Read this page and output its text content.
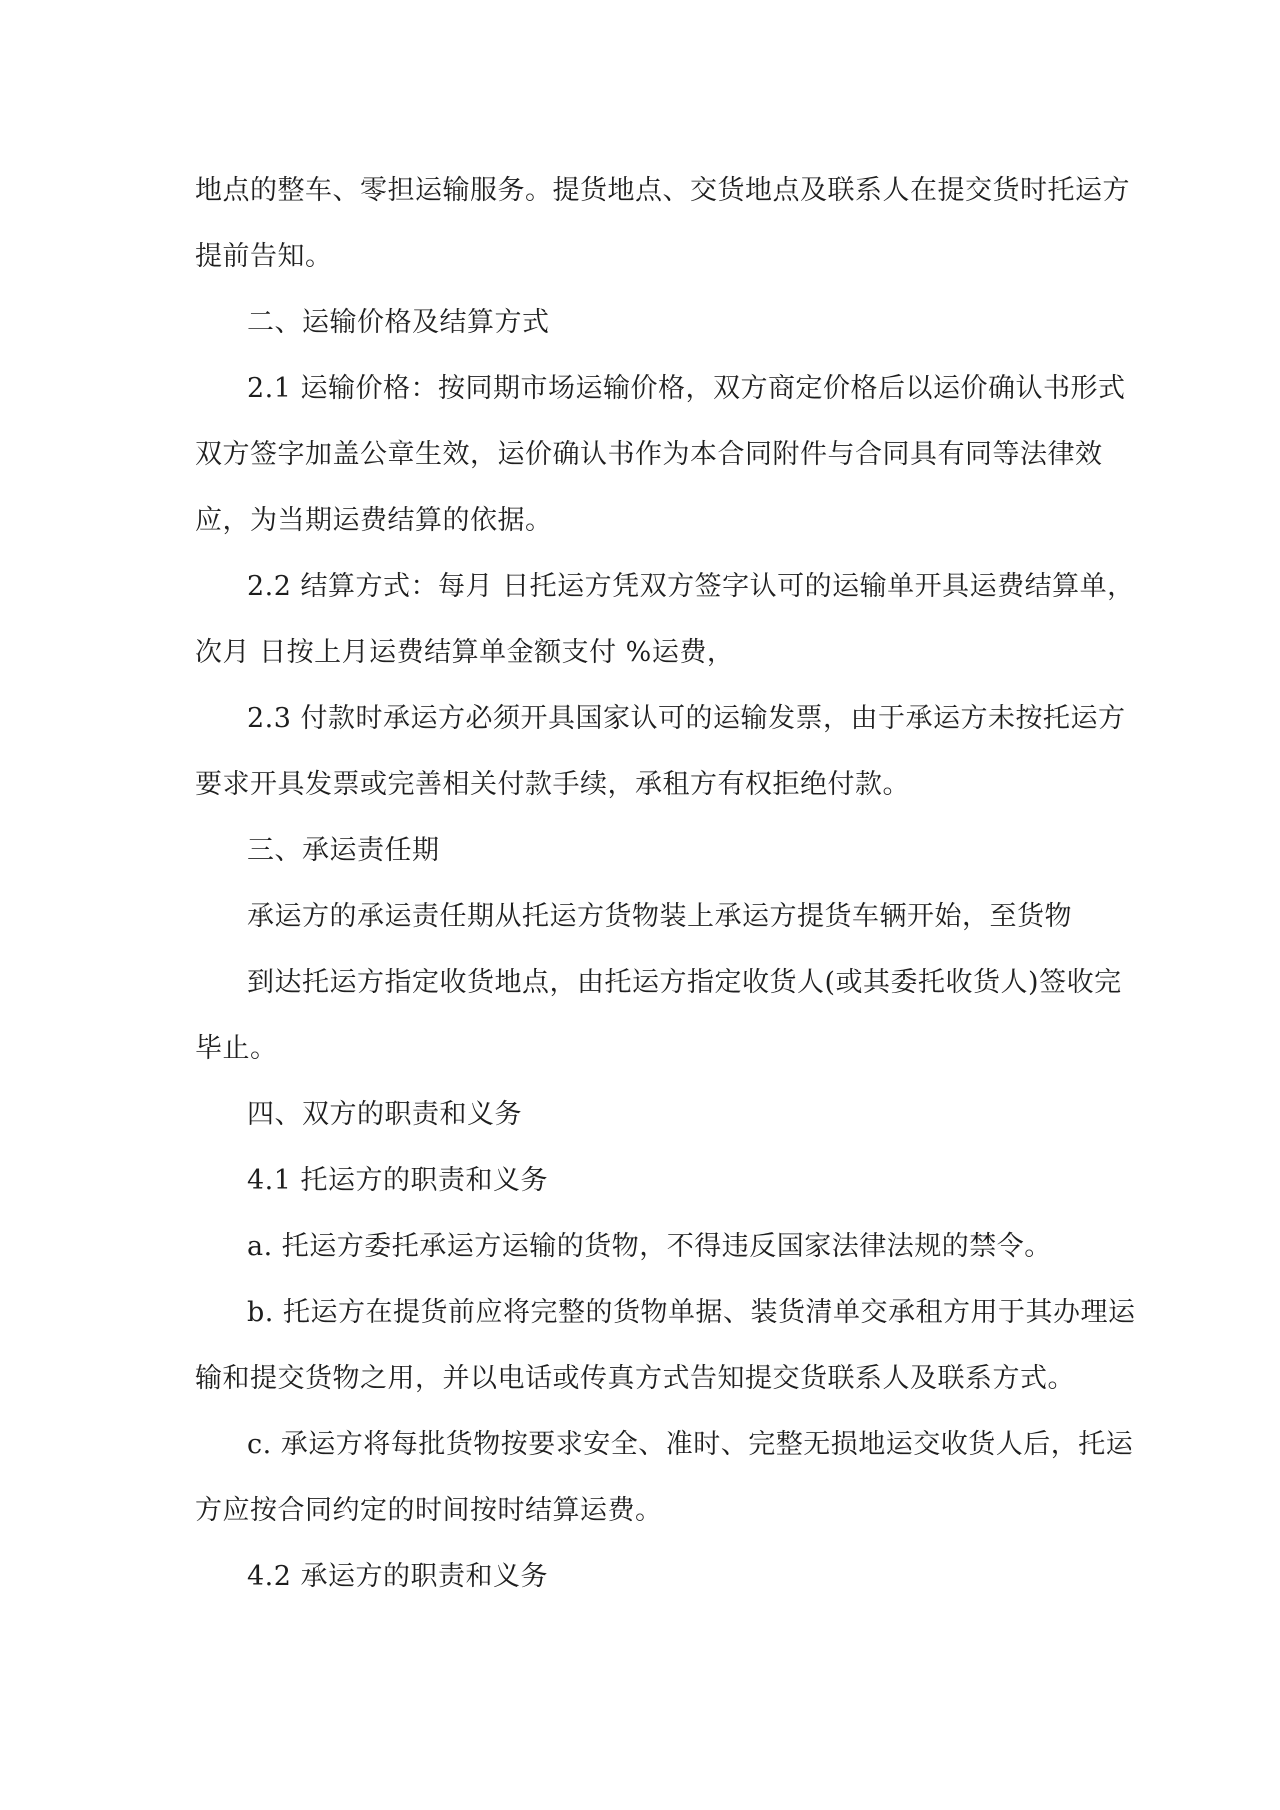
地点的整车、零担运输服务。提货地点、交货地点及联系人在提交货时托运方
提前告知。
二、运输价格及结算方式
2.1 运输价格：按同期市场运输价格，双方商定价格后以运价确认书形式
双方签字加盖公章生效，运价确认书作为本合同附件与合同具有同等法律效
应，为当期运费结算的依据。
2.2 结算方式：每月 日托运方凭双方签字认可的运输单开具运费结算单，
次月 日按上月运费结算单金额支付 %运费，
2.3 付款时承运方必须开具国家认可的运输发票，由于承运方未按托运方
要求开具发票或完善相关付款手续，承租方有权拒绝付款。
三、承运责任期
承运方的承运责任期从托运方货物装上承运方提货车辆开始，至货物
到达托运方指定收货地点，由托运方指定收货人(或其委托收货人)签收完
毕止。
四、双方的职责和义务
4.1 托运方的职责和义务
a. 托运方委托承运方运输的货物，不得违反国家法律法规的禁令。
b. 托运方在提货前应将完整的货物单据、装货清单交承租方用于其办理运
输和提交货物之用，并以电话或传真方式告知提交货联系人及联系方式。
c. 承运方将每批货物按要求安全、准时、完整无损地运交收货人后，托运
方应按合同约定的时间按时结算运费。
4.2 承运方的职责和义务
